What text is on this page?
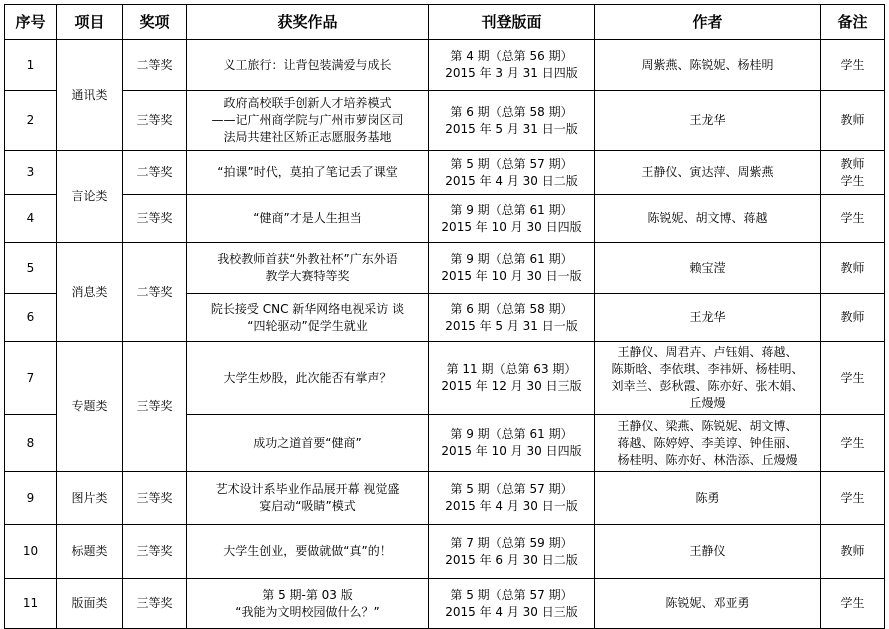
序号	项目	奖项	获奖作品	刊登版面	作者	备注
1	通讯类	二等奖	义工旅行：让背包装满爱与成长	第 4 期（总第 56 期）
2015 年 3 月 31 日四版	周紫燕、陈锐妮、杨桂明	学生

2		三等奖	政府高校联手创新人才培养模式
——记广州商学院与广州市萝岗区司
法局共建社区矫正志愿服务基地	第 6 期（总第 58 期）
2015 年 5 月 31 日一版	王龙华	教师

3	言论类	二等奖	“拍课”时代，莫拍了笔记丢了课堂	第 5 期（总第 57 期）
2015 年 4 月 30 日二版	王静仪、寅达萍、周紫燕	教师
学生

4		三等奖	“健商”才是人生担当	第 9 期（总第 61 期）
2015 年 10 月 30 日四版	陈锐妮、胡文博、蒋越	学生

5	消息类	二等奖	我校教师首获“外教社杯”广东外语
教学大赛特等奖	第 9 期（总第 61 期）
2015 年 10 月 30 日一版	赖宝滢	教师

6			院长接受 CNC 新华网络电视采访 谈
“四轮驱动”促学生就业	第 6 期（总第 58 期）
2015 年 5 月 31 日一版	王龙华	教师

7	专题类	三等奖	大学生炒股，此次能否有掌声？	第 11 期（总第 63 期）
2015 年 12 月 30 日三版	王静仪、周君卉、卢钰娟、蒋越、
陈斯晗、李依琪、李祎妍、杨桂明、
刘幸兰、彭秋霞、陈亦好、张木娟、
丘熳熳	学生

8			成功之道首要“健商”	第 9 期（总第 61 期）
2015 年 10 月 30 日四版	王静仪、梁燕、陈锐妮、胡文博、
蒋越、陈婷婷、李美谆、钟佳丽、
杨桂明、陈亦好、林浩添、丘熳熳	学生

9	图片类	三等奖	艺术设计系毕业作品展开幕 视觉盛
宴启动“吸睛”模式	第 5 期（总第 57 期）
2015 年 4 月 30 日一版	陈勇	学生

10	标题类	三等奖	大学生创业，要做就做“真”的！	第 7 期（总第 59 期）
2015 年 6 月 30 日二版	王静仪	教师

11	版面类	三等奖	第 5 期-第 03 版
“我能为文明校园做什么？”	第 5 期（总第 57 期）
2015 年 4 月 30 日三版	陈锐妮、邓亚勇	学生
